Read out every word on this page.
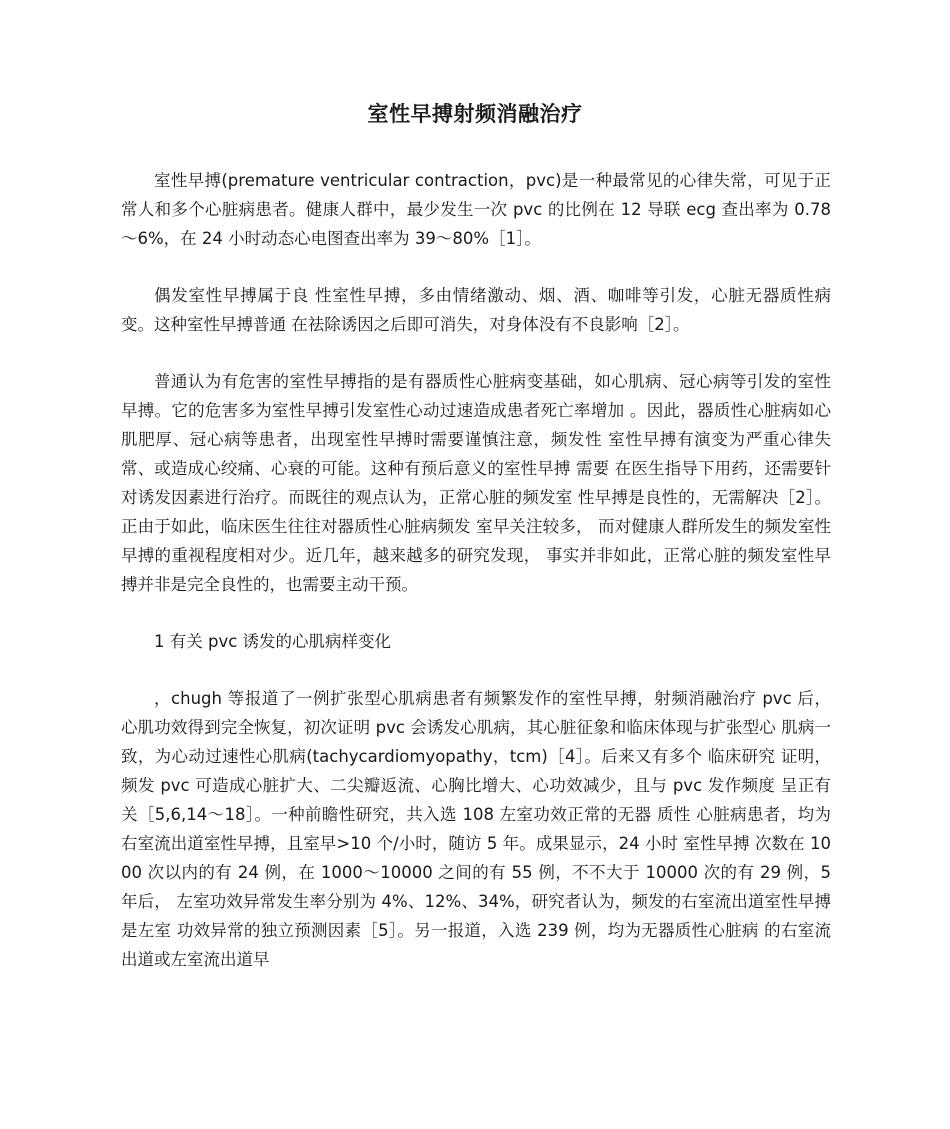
室性早搏射频消融治疗

室性早搏(premature ventricular contraction，pvc)是一种最常见的心律失常，可见于正 常人和多个心脏病患者。健康人群中，最少发生一次 pvc 的比例在 12 导联 ecg 查出率为 0.78 ～6%，在 24 小时动态心电图查出率为 39～80%［1］。

偶发室性早搏属于良 性室性早搏，多由情绪激动、烟、酒、咖啡等引发，心脏无器质性病变。这种室性早搏普通 在祛除诱因之后即可消失，对身体没有不良影响［2］。

普通认为有危害的室性早搏指的是有器质性心脏病变基础，如心肌病、冠心病等引发的室性 早搏。它的危害多为室性早搏引发室性心动过速造成患者死亡率增加 。因此，器质性心脏病如心肌肥厚、冠心病等患者，出现室性早搏时需要谨慎注意，频发性 室性早搏有演变为严重心律失常、或造成心绞痛、心衰的可能。这种有预后意义的室性早搏 需要 在医生指导下用药，还需要针对诱发因素进行治疗。而既往的观点认为，正常心脏的频发室 性早搏是良性的，无需解决［2］。正由于如此，临床医生往往对器质性心脏病频发 室早关注较多， 而对健康人群所发生的频发室性早搏的重视程度相对少。近几年，越来越多的研究发现， 事实并非如此，正常心脏的频发室性早搏并非是完全良性的，也需要主动干预。

1 有关 pvc 诱发的心肌病样变化

，chugh 等报道了一例扩张型心肌病患者有频繁发作的室性早搏，射频消融治疗 pvc 后， 心肌功效得到完全恢复，初次证明 pvc 会诱发心肌病，其心脏征象和临床体现与扩张型心 肌病一致，为心动过速性心肌病(tachycardiomyopathy，tcm)［4］。后来又有多个 临床研究 证明，频发 pvc 可造成心脏扩大、二尖瓣返流、心胸比增大、心功效减少，且与 pvc 发作频度 呈正有关［5,6,14～18］。一种前瞻性研究，共入选 108 左室功效正常的无器 质性 心脏病患者，均为右室流出道室性早搏，且室早>10 个/小时，随访 5 年。成果显示，24 小时 室性早搏 次数在 1000 次以内的有 24 例，在 1000～10000 之间的有 55 例，不不大于 10000 次的有 29 例，5 年后， 左室功效异常发生率分别为 4%、12%、34%，研究者认为，频发的右室流出道室性早搏是左室 功效异常的独立预测因素［5］。另一报道，入选 239 例，均为无器质性心脏病 的右室流出道或左室流出道早
